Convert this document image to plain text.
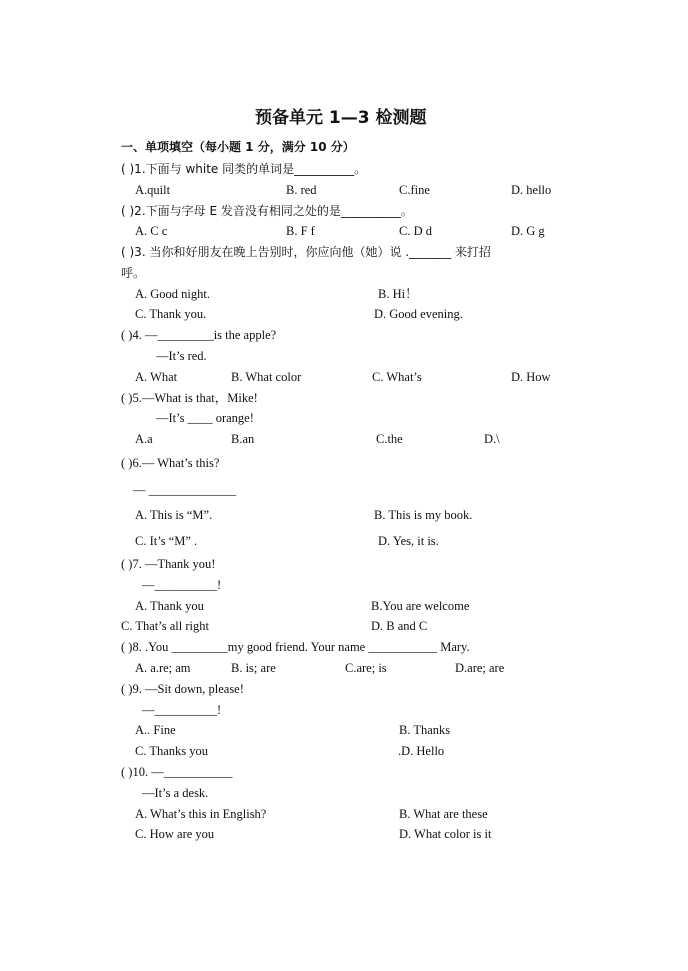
预备单元 1—3 检测题
一、单项填空（每小题 1 分，满分 10 分）
( )1.下面与 white 同类的单词是__________。
A.quilt	B. red	C.fine	D. hello
( )2.下面与字母 E 发音没有相同之处的是__________。
A. C c	B. F f	C. D d	D. G g
( )3. 当你和好朋友在晚上告别时，你应向他（她）说 ._______ 来打招
呼。
A. Good night.	B. Hi！
C. Thank you.	D. Good evening.
( )4. —_________is the apple?
—It’s red.
A. What	B. What color	C. What’s	D. How
( )5.—What is that，Mike!
—It’s ____ orange!
A.a	B.an	C.the	D.\
( )6.— What’s this?
— ______________
A. This is “M”.	B. This is my book.
C. It’s “M” .	D. Yes, it is.
( )7. —Thank you!
—__________!
A. Thank you	B.You are welcome
C. That’s all right	D. B and C
( )8. .You _________my good friend. Your name ___________ Mary.
A. a.re; am	B. is; are	C.are; is	D.are; are
( )9. —Sit down, please!
—__________!
A.. Fine	B. Thanks
C. Thanks you	.D. Hello
( )10. —___________
—It’s a desk.
A. What’s this in English?	B. What are these
C. How are you	D. What color is it
